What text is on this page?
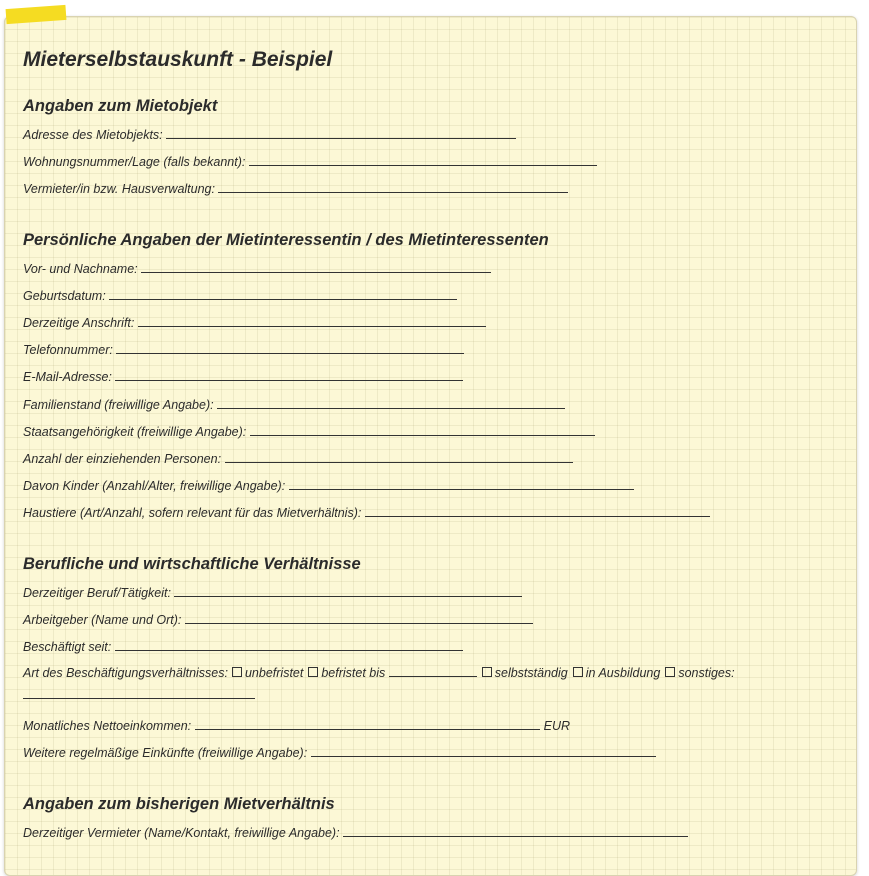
Mieterselbstauskunft - Beispiel
Angaben zum Mietobjekt
Adresse des Mietobjekts:
Wohnungsnummer/Lage (falls bekannt):
Vermieter/in bzw. Hausverwaltung:
Persönliche Angaben der Mietinteressentin / des Mietinteressenten
Vor- und Nachname:
Geburtsdatum:
Derzeitige Anschrift:
Telefonnummer:
E-Mail-Adresse:
Familienstand (freiwillige Angabe):
Staatsangehörigkeit (freiwillige Angabe):
Anzahl der einziehenden Personen:
Davon Kinder (Anzahl/Alter, freiwillige Angabe):
Haustiere (Art/Anzahl, sofern relevant für das Mietverhältnis):
Berufliche und wirtschaftliche Verhältnisse
Derzeitiger Beruf/Tätigkeit:
Arbeitgeber (Name und Ort):
Beschäftigt seit:
Art des Beschäftigungsverhältnisses: unbefristet befristet bis	selbstständig in Ausbildung sonstiges:
Monatliches Nettoeinkommen:	EUR
Weitere regelmäßige Einkünfte (freiwillige Angabe):
Angaben zum bisherigen Mietverhältnis
Derzeitiger Vermieter (Name/Kontakt, freiwillige Angabe):
